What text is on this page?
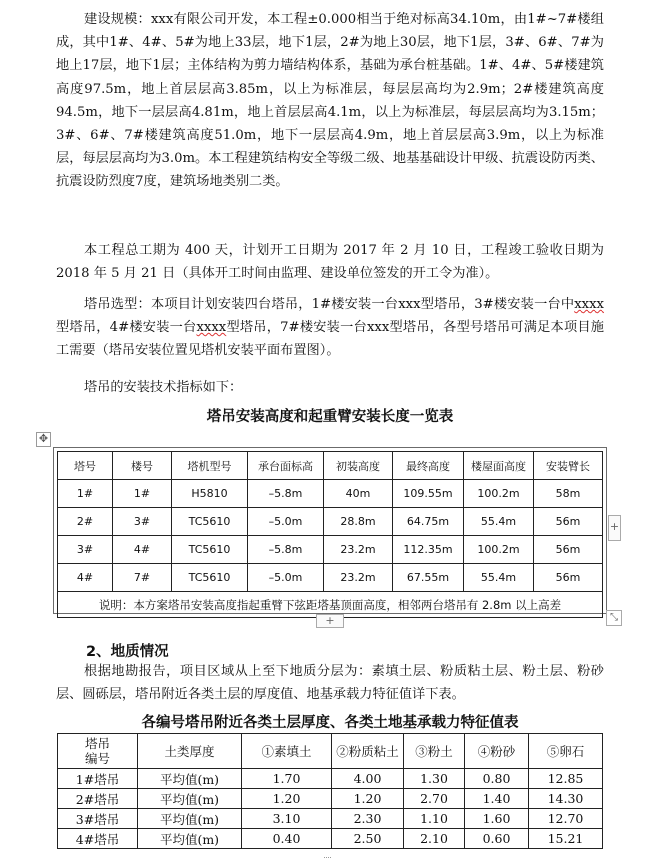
建设规模：xxx有限公司开发，本工程±0.000相当于绝对标高34.10m，由1#~7#楼组成，其中1#、4#、5#为地上33层，地下1层，2#为地上30层，地下1层，3#、6#、7#为地上17层，地下1层；主体结构为剪力墙结构体系，基础为承台桩基础。1#、4#、5#楼建筑高度97.5m，地上首层层高3.85m，以上为标准层，每层层高均为2.9m；2#楼建筑高度94.5m，地下一层层高4.81m，地上首层层高4.1m，以上为标准层，每层层高均为3.15m；3#、6#、7#楼建筑高度51.0m，地下一层层高4.9m，地上首层层高3.9m，以上为标准层，每层层高均为3.0m。本工程建筑结构安全等级二级、地基基础设计甲级、抗震设防丙类、抗震设防烈度7度，建筑场地类别二类。

本工程总工期为 400 天，计划开工日期为 2017 年 2 月 10 日，工程竣工验收日期为 2018 年 5 月 21 日（具体开工时间由监理、建设单位签发的开工令为准）。

塔吊选型：本项目计划安装四台塔吊，1#楼安装一台xxx型塔吊，3#楼安装一台中xxxx型塔吊，4#楼安装一台xxxx型塔吊，7#楼安装一台xxx型塔吊，各型号塔吊可满足本项目施工需要（塔吊安装位置见塔机安装平面布置图）。

塔吊的安装技术指标如下：

塔吊安装高度和起重臂安装长度一览表

✥
塔号	楼号	塔机型号	承台面标高	初装高度	最终高度	楼屋面高度	安装臂长
1#	1#	H5810	–5.8m	40m	109.55m	100.2m	58m
2#	3#	TC5610	–5.0m	28.8m	64.75m	55.4m	56m
3#	4#	TC5610	–5.8m	23.2m	112.35m	100.2m	56m
4#	7#	TC5610	–5.0m	23.2m	67.55m	55.4m	56m
说明：本方案塔吊安装高度指起重臂下弦距塔基顶面高度，相邻两台塔吊有 2.8m 以上高差							
+
+
⤡

2、地质情况

根据地勘报告，项目区域从上至下地质分层为：素填土层、粉质粘土层、粉土层、粉砂层、圆砾层，塔吊附近各类土层的厚度值、地基承载力特征值详下表。

各编号塔吊附近各类土层厚度、各类土地基承载力特征值表

塔吊
编号	土类厚度	①素填土	②粉质粘土	③粉土	④粉砂	⑤卵石
1#塔吊	平均值(m)	1.70	4.00	1.30	0.80	12.85
2#塔吊	平均值(m)	1.20	1.20	2.70	1.40	14.30
3#塔吊	平均值(m)	3.10	2.30	1.10	1.60	12.70
4#塔吊	平均值(m)	0.40	2.50	2.10	0.60	15.21
